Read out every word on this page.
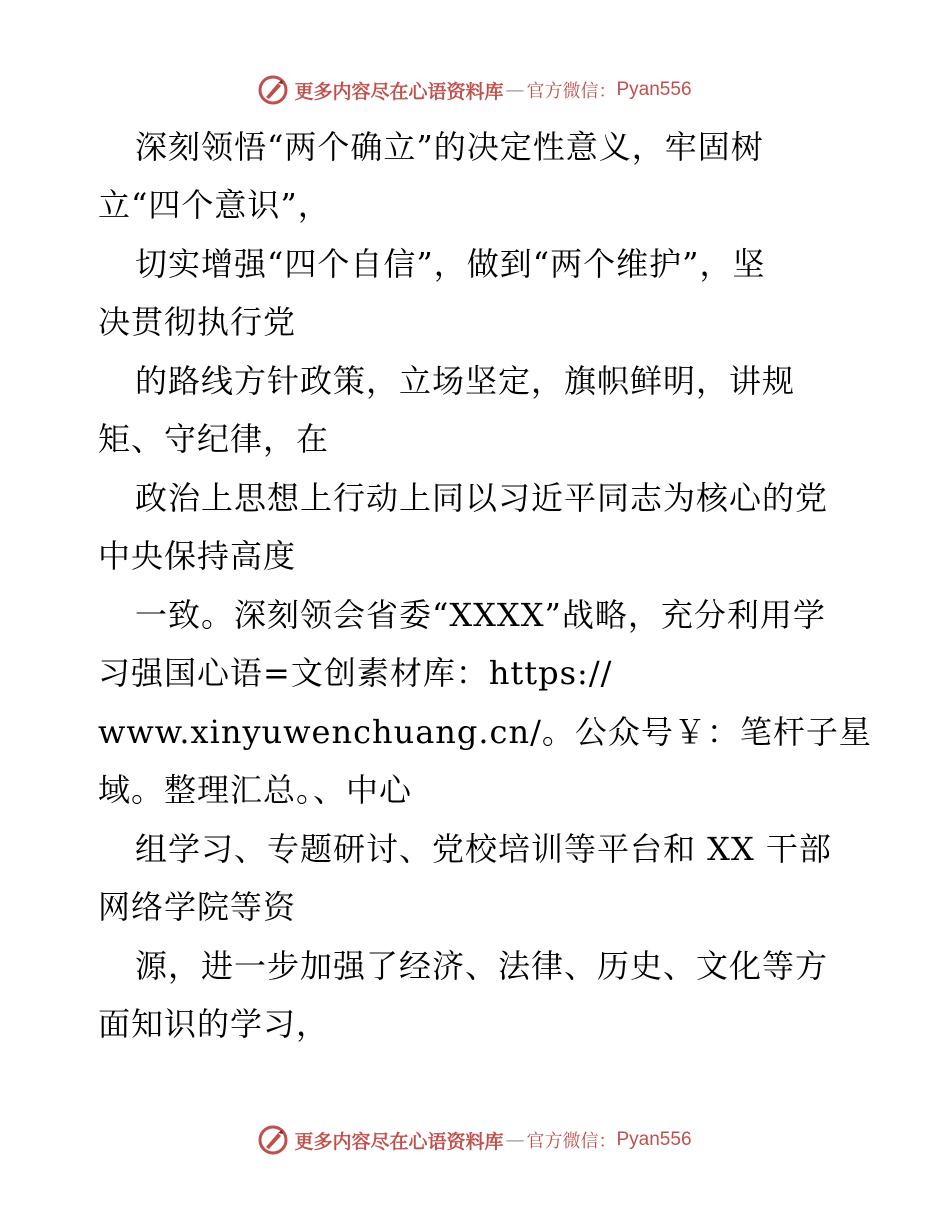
更多内容尽在心语资料库 — 官方微信： Pyan556
深刻领悟“两个确立”的决定性意义，牢固树
立“四个意识”，
切实增强“四个自信”，做到“两个维护”，坚
决贯彻执行党
的路线方针政策，立场坚定，旗帜鲜明，讲规
矩、守纪律，在
政治上思想上行动上同以习近平同志为核心的党
中央保持高度
一致。深刻领会省委“XXXX”战略，充分利用学
习强国心语=文创素材库：https://
www.xinyuwenchuang.cn/。公众号￥：笔杆子星
域。整理汇总。、中心
组学习、专题研讨、党校培训等平台和 XX 干部
网络学院等资
源，进一步加强了经济、法律、历史、文化等方
面知识的学习，
更多内容尽在心语资料库 — 官方微信： Pyan556
